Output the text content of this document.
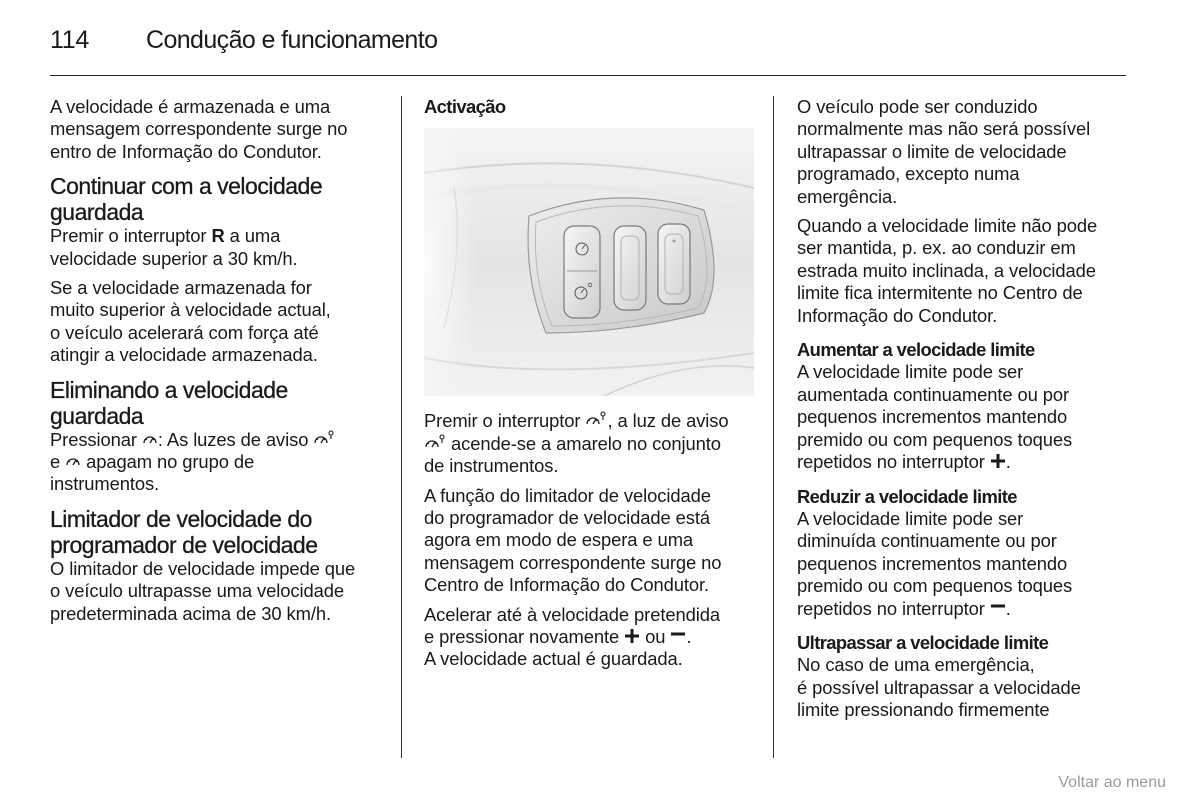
114 Condução e funcionamento

A velocidade é armazenada e uma
mensagem correspondente surge no
entro de Informação do Condutor.

Continuar com a velocidade
guardada

Premir o interruptor R a uma
velocidade superior a 30 km/h.

Se a velocidade armazenada for
muito superior à velocidade actual,
o veículo acelerará com força até
atingir a velocidade armazenada.

Eliminando a velocidade
guardada

Pressionar
: As luzes de aviso

e
apagam no grupo de
instrumentos.

Limitador de velocidade do
programador de velocidade

O limitador de velocidade impede que
o veículo ultrapasse uma velocidade
predeterminada acima de 30 km/h.

Activação

Premir o interruptor
, a luz de aviso

acende-se a amarelo no conjunto
de instrumentos.

A função do limitador de velocidade
do programador de velocidade está
agora em modo de espera e uma
mensagem correspondente surge no
Centro de Informação do Condutor.

Acelerar até à velocidade pretendida
e pressionar novamente
ou
.
A velocidade actual é guardada.

O veículo pode ser conduzido
normalmente mas não será possível
ultrapassar o limite de velocidade
programado, excepto numa
emergência.

Quando a velocidade limite não pode
ser mantida, p. ex. ao conduzir em
estrada muito inclinada, a velocidade
limite fica intermitente no Centro de
Informação do Condutor.

Aumentar a velocidade limite

A velocidade limite pode ser
aumentada continuamente ou por
pequenos incrementos mantendo
premido ou com pequenos toques
repetidos no interruptor
.

Reduzir a velocidade limite

A velocidade limite pode ser
diminuída continuamente ou por
pequenos incrementos mantendo
premido ou com pequenos toques
repetidos no interruptor
.

Ultrapassar a velocidade limite

No caso de uma emergência,
é possível ultrapassar a velocidade
limite pressionando firmemente

Voltar ao menu
